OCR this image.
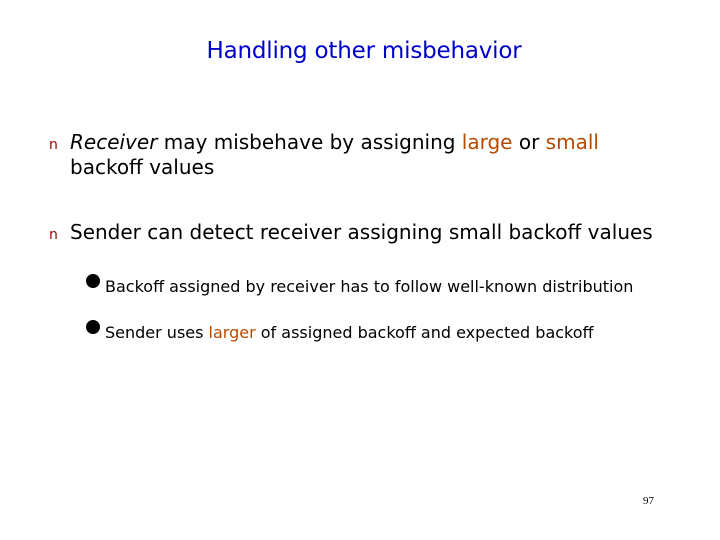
Handling other misbehavior
n Receiver may misbehave by assigning large or small backoff values
n Sender can detect receiver assigning small backoff values
Backoff assigned by receiver has to follow well-known distribution
Sender uses larger of assigned backoff and expected backoff
97
